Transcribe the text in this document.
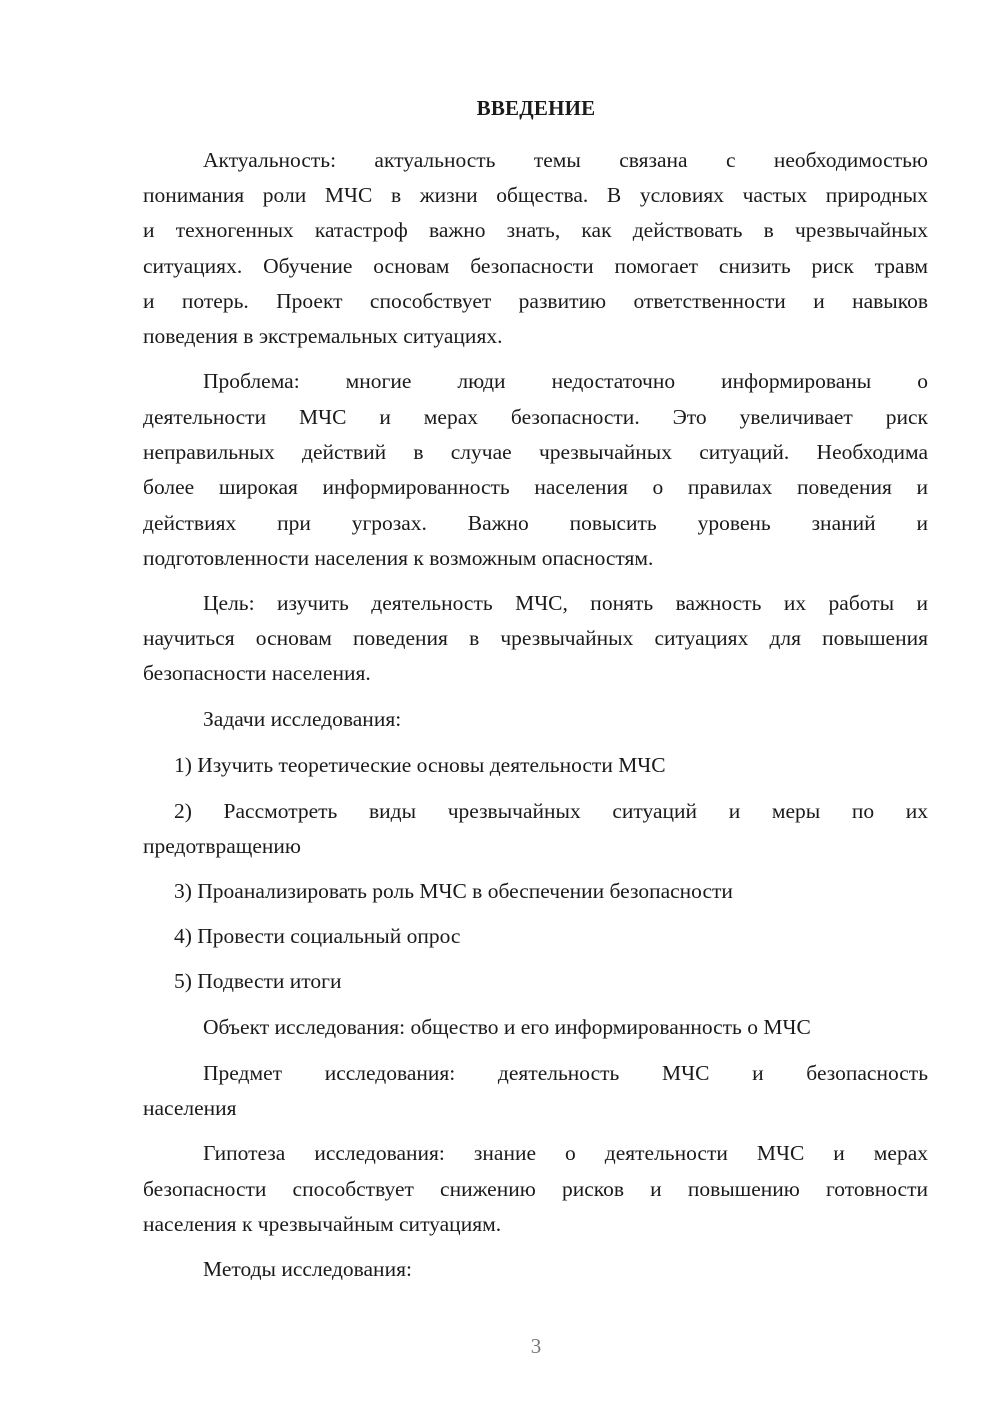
ВВЕДЕНИЕ
Актуальность: актуальность темы связана с необходимостью
понимания роли МЧС в жизни общества. В условиях частых природных
и техногенных катастроф важно знать, как действовать в чрезвычайных
ситуациях. Обучение основам безопасности помогает снизить риск травм
и потерь. Проект способствует развитию ответственности и навыков
поведения в экстремальных ситуациях.
Проблема: многие люди недостаточно информированы о
деятельности МЧС и мерах безопасности. Это увеличивает риск
неправильных действий в случае чрезвычайных ситуаций. Необходима
более широкая информированность населения о правилах поведения и
действиях при угрозах. Важно повысить уровень знаний и
подготовленности населения к возможным опасностям.
Цель: изучить деятельность МЧС, понять важность их работы и
научиться основам поведения в чрезвычайных ситуациях для повышения
безопасности населения.
Задачи исследования:
1) Изучить теоретические основы деятельности МЧС
2) Рассмотреть виды чрезвычайных ситуаций и меры по их
предотвращению
3) Проанализировать роль МЧС в обеспечении безопасности
4) Провести социальный опрос
5) Подвести итоги
Объект исследования: общество и его информированность о МЧС
Предмет исследования: деятельность МЧС и безопасность
населения
Гипотеза исследования: знание о деятельности МЧС и мерах
безопасности способствует снижению рисков и повышению готовности
населения к чрезвычайным ситуациям.
Методы исследования:
3
